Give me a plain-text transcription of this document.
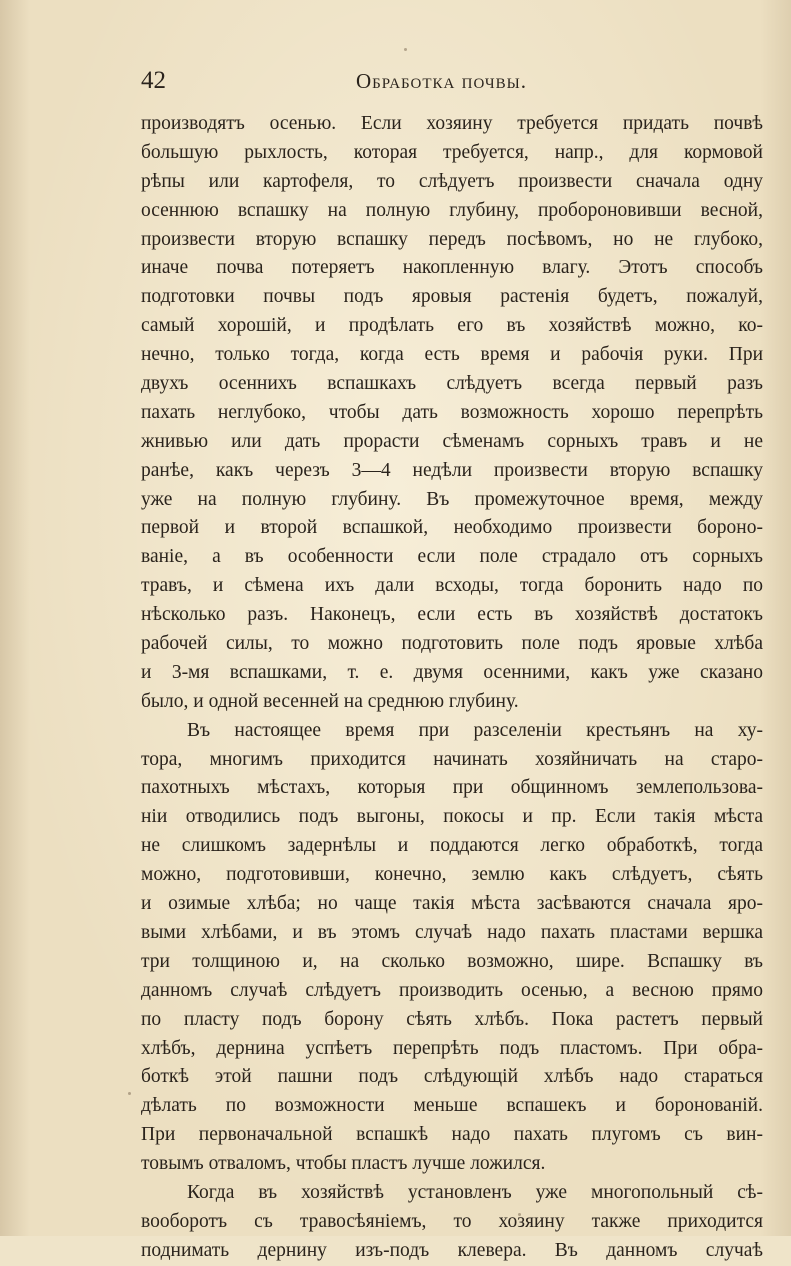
42	Обработка почвы.
производятъ осенью. Если хозяину требуется придать почвѣ
большую рыхлость, которая требуется, напр., для кормовой
рѣпы или картофеля, то слѣдуетъ произвести сначала одну
осеннюю вспашку на полную глубину, пробороновивши весной,
произвести вторую вспашку передъ посѣвомъ, но не глубоко,
иначе почва потеряетъ накопленную влагу. Этотъ способъ
подготовки почвы подъ яровыя растенія будетъ, пожалуй,
самый хорошій, и продѣлать его въ хозяйствѣ можно, ко-
нечно, только тогда, когда есть время и рабочія руки. При
двухъ осеннихъ вспашкахъ слѣдуетъ всегда первый разъ
пахать неглубоко, чтобы дать возможность хорошо перепрѣть
жнивью или дать прорасти сѣменамъ сорныхъ травъ и не
ранѣе, какъ черезъ 3—4 недѣли произвести вторую вспашку
уже на полную глубину. Въ промежуточное время, между
первой и второй вспашкой, необходимо произвести бороно-
ваніе, а въ особенности если поле страдало отъ сорныхъ
травъ, и сѣмена ихъ дали всходы, тогда боронить надо по
нѣсколько разъ. Наконецъ, если есть въ хозяйствѣ достатокъ
рабочей силы, то можно подготовить поле подъ яровые хлѣба
и 3-мя вспашками, т. е. двумя осенними, какъ уже сказано
было, и одной весенней на среднюю глубину.
Въ настоящее время при разселеніи крестьянъ на ху-
тора, многимъ приходится начинать хозяйничать на старо-
пахотныхъ мѣстахъ, которыя при общинномъ землепользова-
ніи отводились подъ выгоны, покосы и пр. Если такія мѣста
не слишкомъ задернѣлы и поддаются легко обработкѣ, тогда
можно, подготовивши, конечно, землю какъ слѣдуетъ, сѣять
и озимые хлѣба; но чаще такія мѣста засѣваются сначала яро-
выми хлѣбами, и въ этомъ случаѣ надо пахать пластами вершка
три толщиною и, на сколько возможно, шире. Вспашку въ
данномъ случаѣ слѣдуетъ производить осенью, а весною прямо
по пласту подъ борону сѣять хлѣбъ. Пока растетъ первый
хлѣбъ, дернина успѣетъ перепрѣть подъ пластомъ. При обра-
боткѣ этой пашни подъ слѣдующій хлѣбъ надо стараться
дѣлать по возможности меньше вспашекъ и боронованій.
При первоначальной вспашкѣ надо пахать плугомъ съ вин-
товымъ отваломъ, чтобы пластъ лучше ложился.
Когда въ хозяйствѣ установленъ уже многопольный сѣ-
вооборотъ съ травосѣяніемъ, то хозяину также приходится
поднимать дернину изъ-подъ клевера. Въ данномъ случаѣ
